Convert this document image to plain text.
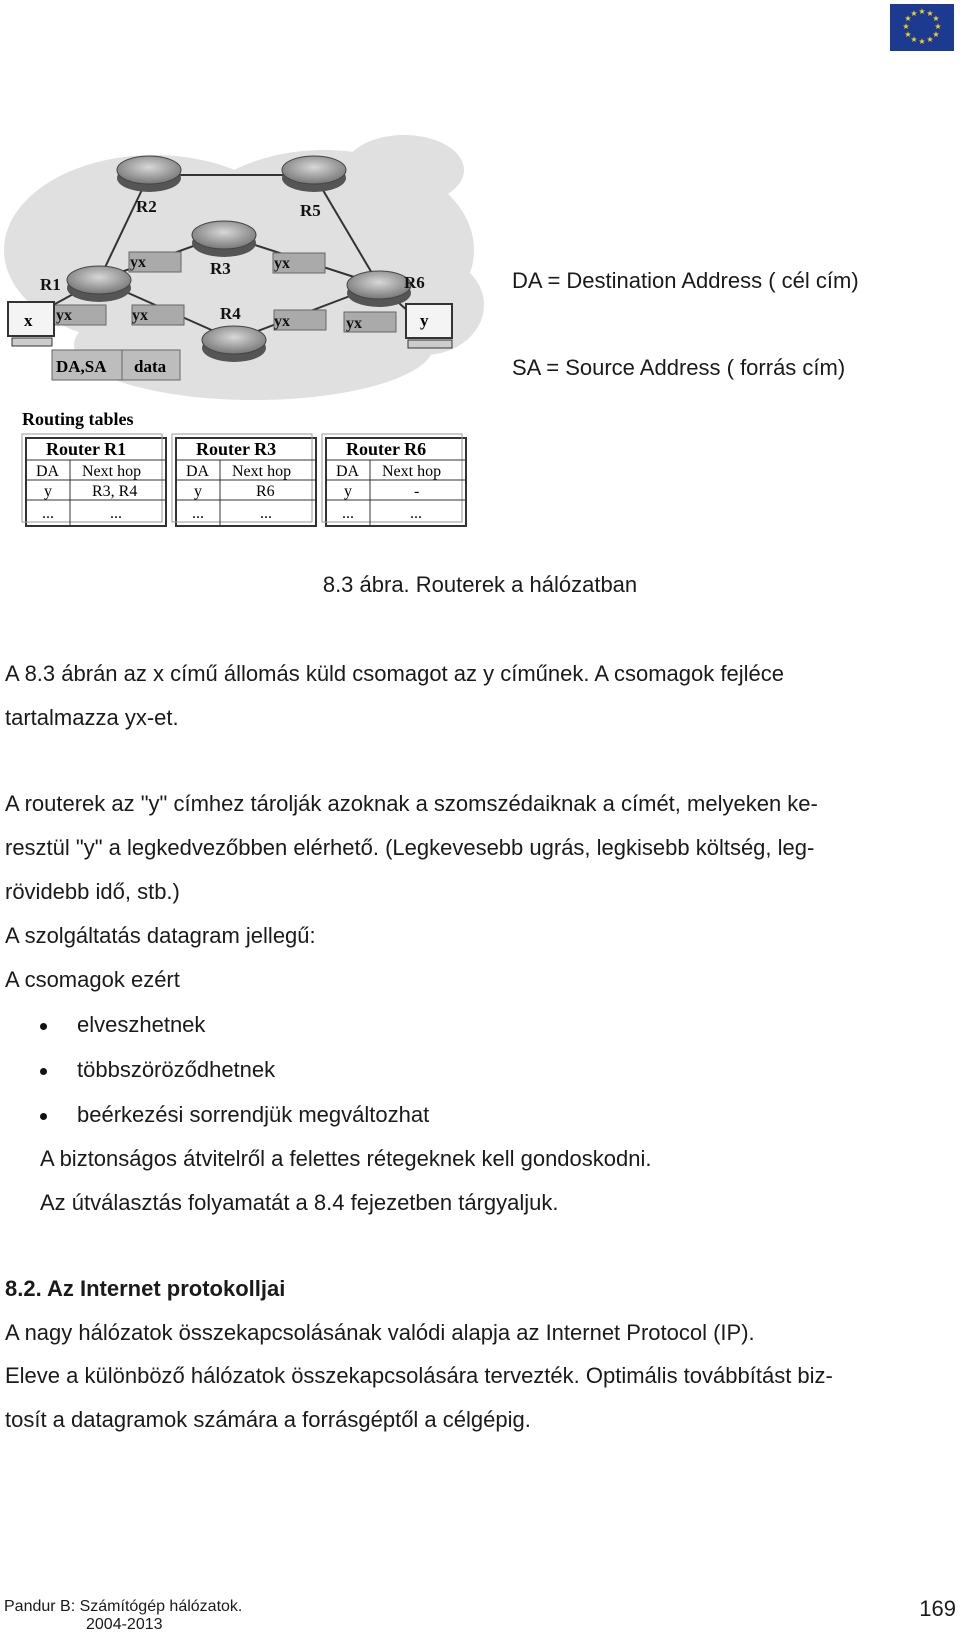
★ ★
★
★
★
★
★
★
★
★
★
★
R2	R5
R1
R3
R6
R4
yx	yx
yx	yx	yx	yx
x	y
DA,SA data
Routing tables
Router R1
DA Next hop
y	R3, R4
...	...
Router R3
DA Next hop
y	R6
...	...
Router R6
DA Next hop
y	-
...	...
DA = Destination Address ( cél cím)
SA = Source Address ( forrás cím)
8.3 ábra. Routerek a hálózatban
A 8.3 ábrán az x című állomás küld csomagot az y címűnek. A csomagok fejléce
tartalmazza yx-et.
A routerek az "y" címhez tárolják azoknak a szomszédaiknak a címét, melyeken ke-
resztül "y" a legkedvezőbben elérhető. (Legkevesebb ugrás, legkisebb költség, leg-
rövidebb idő, stb.)
A szolgáltatás datagram jellegű:
A csomagok ezért
elveszhetnek
többszöröződhetnek
beérkezési sorrendjük megváltozhat
A biztonságos átvitelről a felettes rétegeknek kell gondoskodni.
Az útválasztás folyamatát a 8.4 fejezetben tárgyaljuk.
8.2. Az Internet protokolljai
A nagy hálózatok összekapcsolásának valódi alapja az Internet Protocol (IP).
Eleve a különböző hálózatok összekapcsolására tervezték. Optimális továbbítást biz-
tosít a datagramok számára a forrásgéptől a célgépig.
Pandur B: Számítógép hálózatok.
2004-2013
169
